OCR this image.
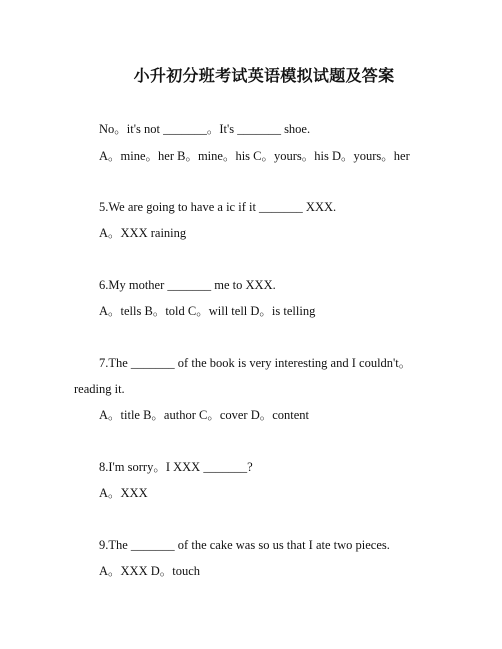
小升初分班考试英语模拟试题及答案
No。it's not _______。It's _______ shoe.
A。mine。her B。mine。his C。yours。his D。yours。her
5.We are going to have a ic if it _______ XXX.
A。XXX raining
6.My mother _______ me to XXX.
A。tells B。told C。will tell D。is telling
7.The _______ of the book is very interesting and I couldn't。
reading it.
A。title B。author C。cover D。content
8.I'm sorry。I XXX _______?
A。XXX
9.The _______ of the cake was so us that I ate two pieces.
A。XXX D。touch
